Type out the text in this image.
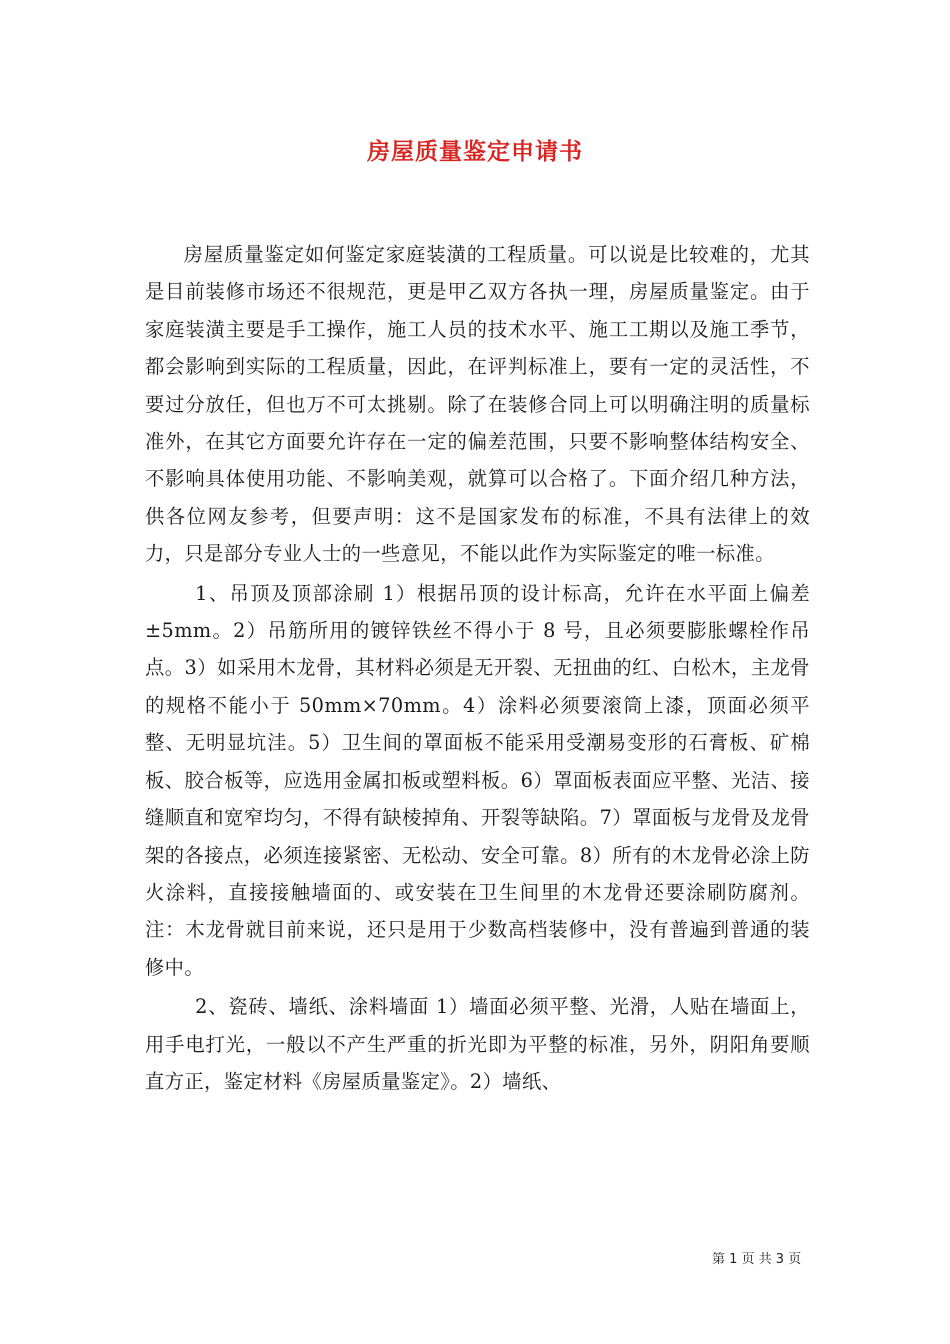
房屋质量鉴定申请书

房屋质量鉴定如何鉴定家庭装潢的工程质量。可以说是比较难的，尤其是目前装修市场还不很规范，更是甲乙双方各执一理，房屋质量鉴定。由于家庭装潢主要是手工操作，施工人员的技术水平、施工工期以及施工季节，都会影响到实际的工程质量，因此，在评判标准上，要有一定的灵活性，不要过分放任，但也万不可太挑剔。除了在装修合同上可以明确注明的质量标准外，在其它方面要允许存在一定的偏差范围，只要不影响整体结构安全、不影响具体使用功能、不影响美观，就算可以合格了。下面介绍几种方法，供各位网友参考，但要声明：这不是国家发布的标准，不具有法律上的效力，只是部分专业人士的一些意见，不能以此作为实际鉴定的唯一标准。

1、吊顶及顶部涂刷 1）根据吊顶的设计标高，允许在水平面上偏差±5mm。2）吊筋所用的镀锌铁丝不得小于 8 号，且必须要膨胀螺栓作吊点。3）如采用木龙骨，其材料必须是无开裂、无扭曲的红、白松木，主龙骨的规格不能小于 50mm×70mm。4）涂料必须要滚筒上漆，顶面必须平整、无明显坑洼。5）卫生间的罩面板不能采用受潮易变形的石膏板、矿棉板、胶合板等，应选用金属扣板或塑料板。6）罩面板表面应平整、光洁、接缝顺直和宽窄均匀，不得有缺棱掉角、开裂等缺陷。7）罩面板与龙骨及龙骨架的各接点，必须连接紧密、无松动、安全可靠。8）所有的木龙骨必涂上防火涂料，直接接触墙面的、或安装在卫生间里的木龙骨还要涂刷防腐剂。注：木龙骨就目前来说，还只是用于少数高档装修中，没有普遍到普通的装修中。

2、瓷砖、墙纸、涂料墙面 1）墙面必须平整、光滑，人贴在墙面上，用手电打光，一般以不产生严重的折光即为平整的标准，另外，阴阳角要顺直方正，鉴定材料《房屋质量鉴定》。2）墙纸、

第 1 页 共 3 页
